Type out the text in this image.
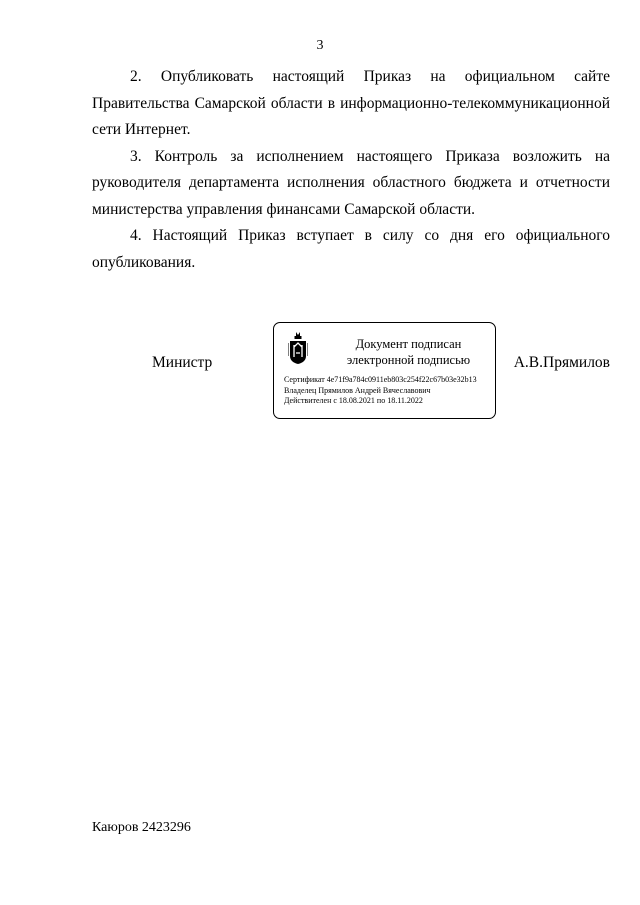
3

2. Опубликовать настоящий Приказ на официальном сайте Правительства Самарской области в информационно-телекоммуникационной сети Интернет.

3. Контроль за исполнением настоящего Приказа возложить на руководителя департамента исполнения областного бюджета и отчетности министерства управления финансами Самарской области.

4. Настоящий Приказ вступает в силу со дня его официального опубликования.

Министр
Документ подписан
электронной подписью
Сертификат 4e71f9a784c0911eb803c254f22c67b03e32b13
Владелец Прямилов Андрей Вячеславович
Действителен с 18.08.2021 по 18.11.2022
А.В.Прямилов
Каюров 2423296
